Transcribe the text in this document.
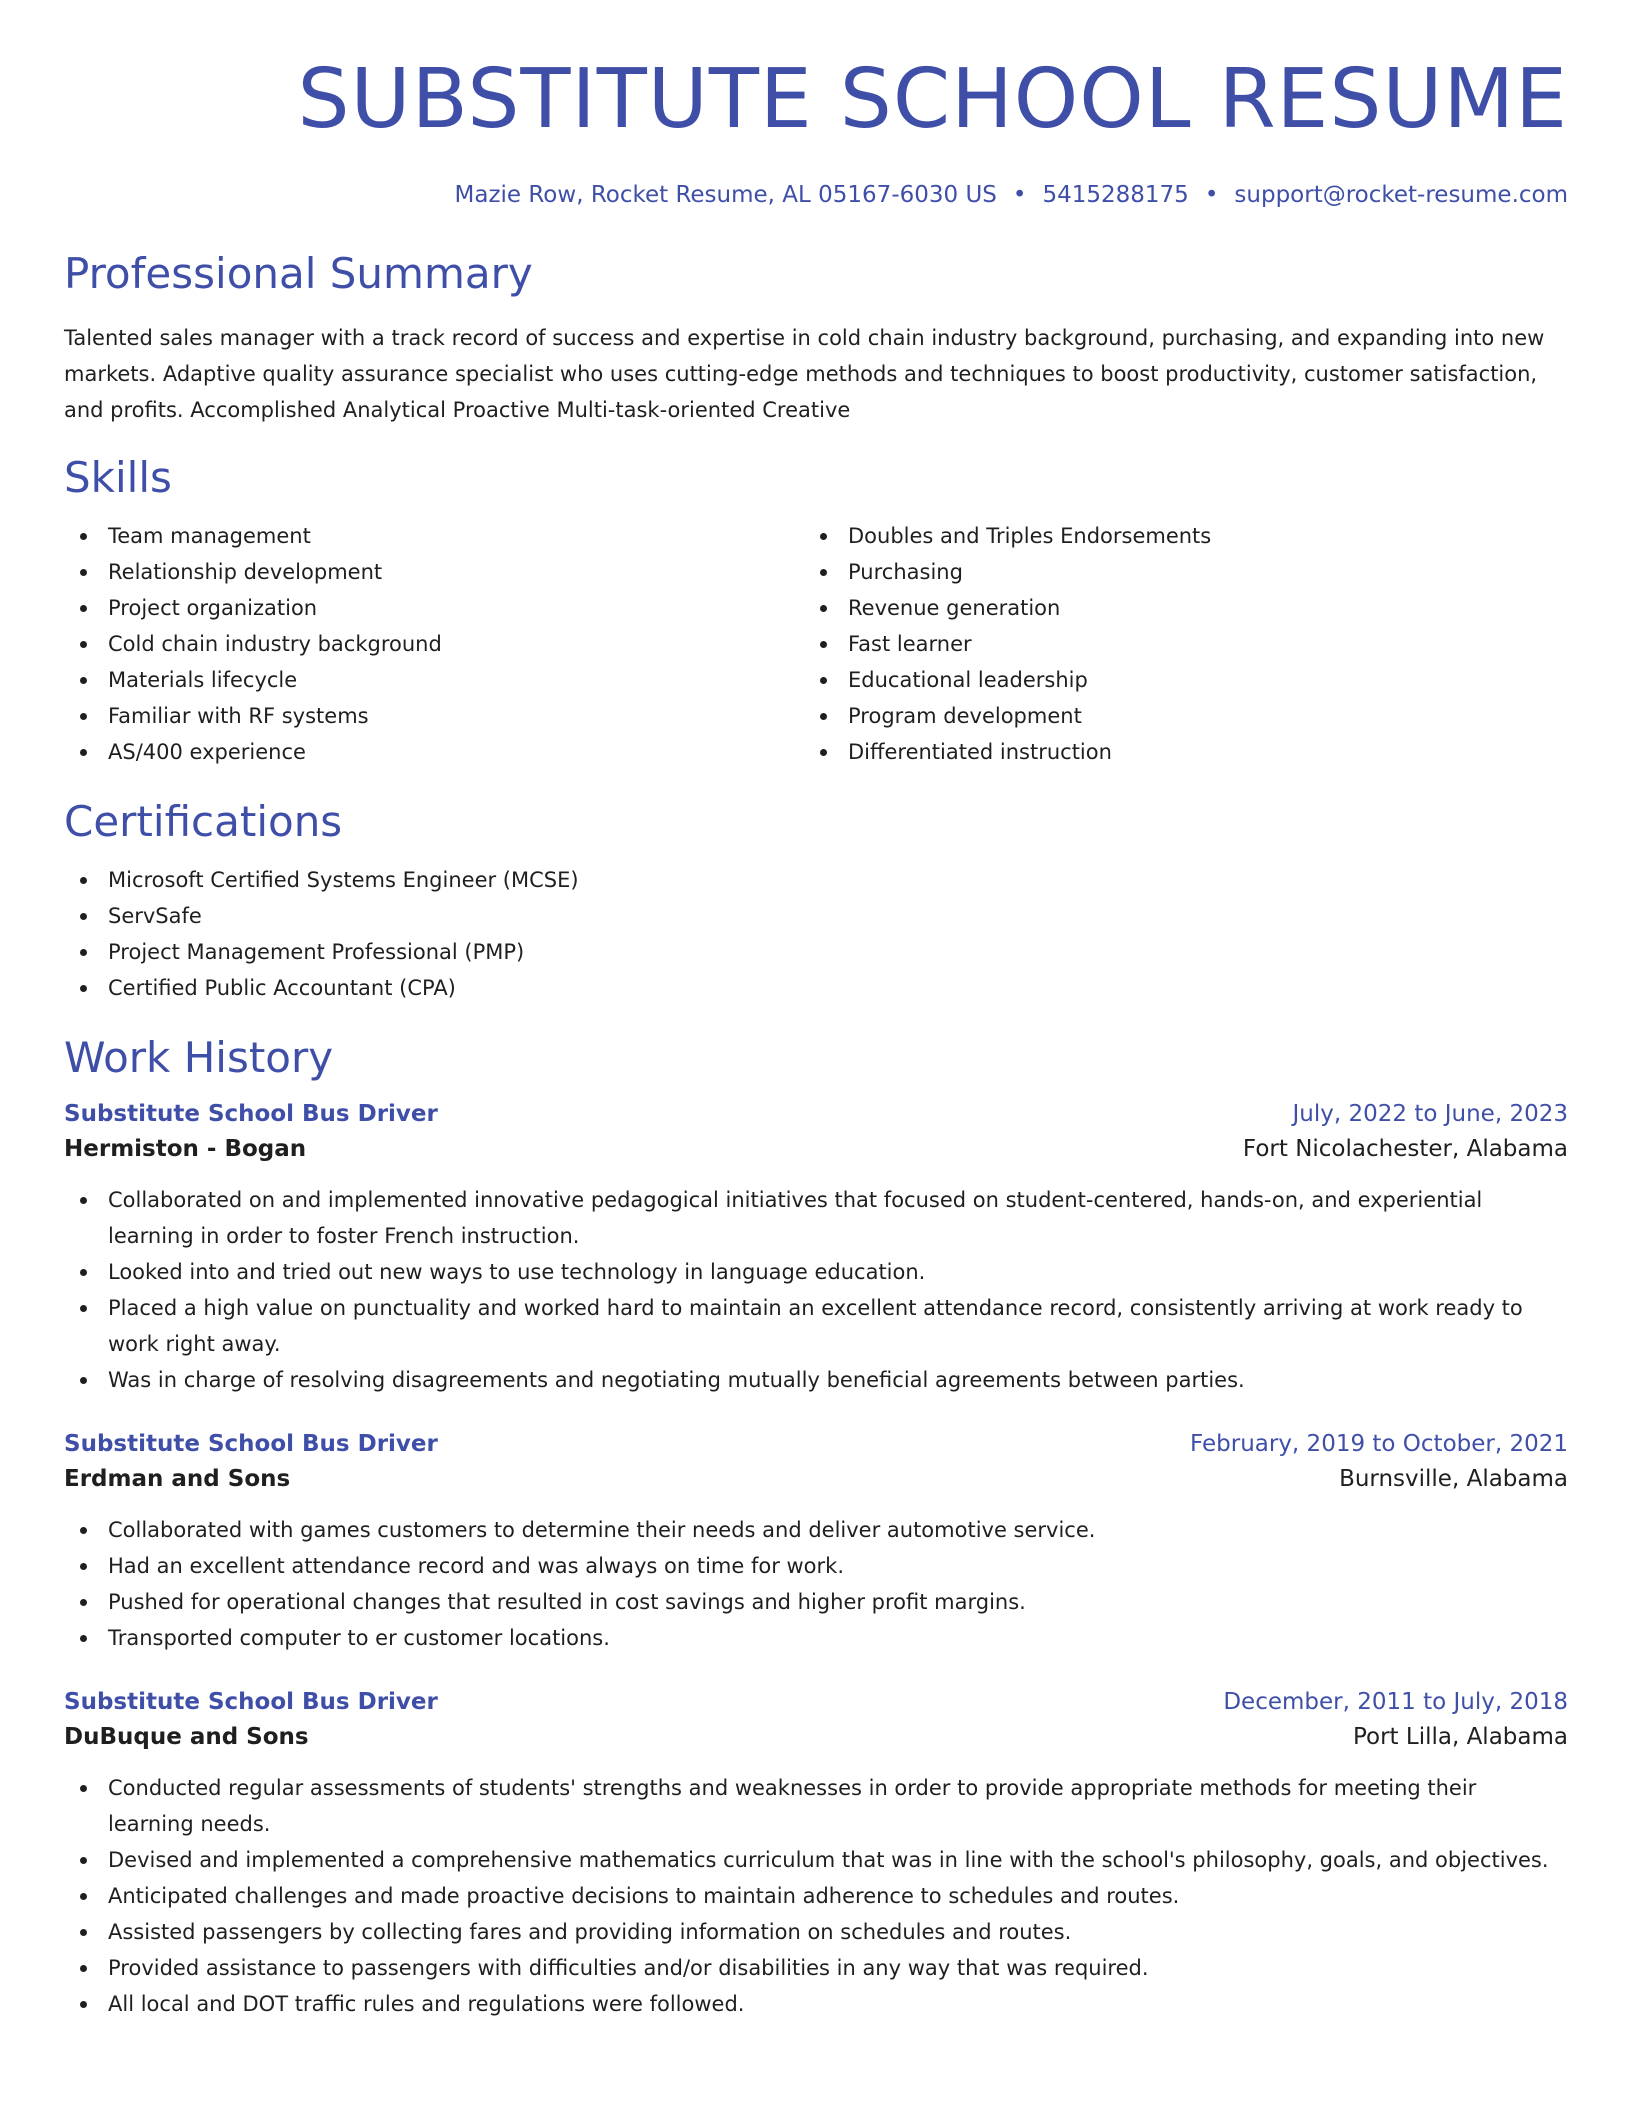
SUBSTITUTE SCHOOL RESUME
Mazie Row, Rocket Resume, AL 05167-6030 US • 5415288175 • support@rocket-resume.com
Professional Summary
Talented sales manager with a track record of success and expertise in cold chain industry background, purchasing, and expanding into new markets. Adaptive quality assurance specialist who uses cutting-edge methods and techniques to boost productivity, customer satisfaction, and profits. Accomplished Analytical Proactive Multi-task-oriented Creative
Skills
Team management
Relationship development
Project organization
Cold chain industry background
Materials lifecycle
Familiar with RF systems
AS/400 experience
Doubles and Triples Endorsements
Purchasing
Revenue generation
Fast learner
Educational leadership
Program development
Differentiated instruction
Certifications
Microsoft Certified Systems Engineer (MCSE)
ServSafe
Project Management Professional (PMP)
Certified Public Accountant (CPA)
Work History
Substitute School Bus Driver	July, 2022 to June, 2023
Hermiston - Bogan	Fort Nicolachester, Alabama
Collaborated on and implemented innovative pedagogical initiatives that focused on student-centered, hands-on, and experiential learning in order to foster French instruction.
Looked into and tried out new ways to use technology in language education.
Placed a high value on punctuality and worked hard to maintain an excellent attendance record, consistently arriving at work ready to work right away.
Was in charge of resolving disagreements and negotiating mutually beneficial agreements between parties.
Substitute School Bus Driver	February, 2019 to October, 2021
Erdman and Sons	Burnsville, Alabama
Collaborated with games customers to determine their needs and deliver automotive service.
Had an excellent attendance record and was always on time for work.
Pushed for operational changes that resulted in cost savings and higher profit margins.
Transported computer to er customer locations.
Substitute School Bus Driver	December, 2011 to July, 2018
DuBuque and Sons	Port Lilla, Alabama
Conducted regular assessments of students' strengths and weaknesses in order to provide appropriate methods for meeting their learning needs.
Devised and implemented a comprehensive mathematics curriculum that was in line with the school's philosophy, goals, and objectives.
Anticipated challenges and made proactive decisions to maintain adherence to schedules and routes.
Assisted passengers by collecting fares and providing information on schedules and routes.
Provided assistance to passengers with difficulties and/or disabilities in any way that was required.
All local and DOT traffic rules and regulations were followed.
